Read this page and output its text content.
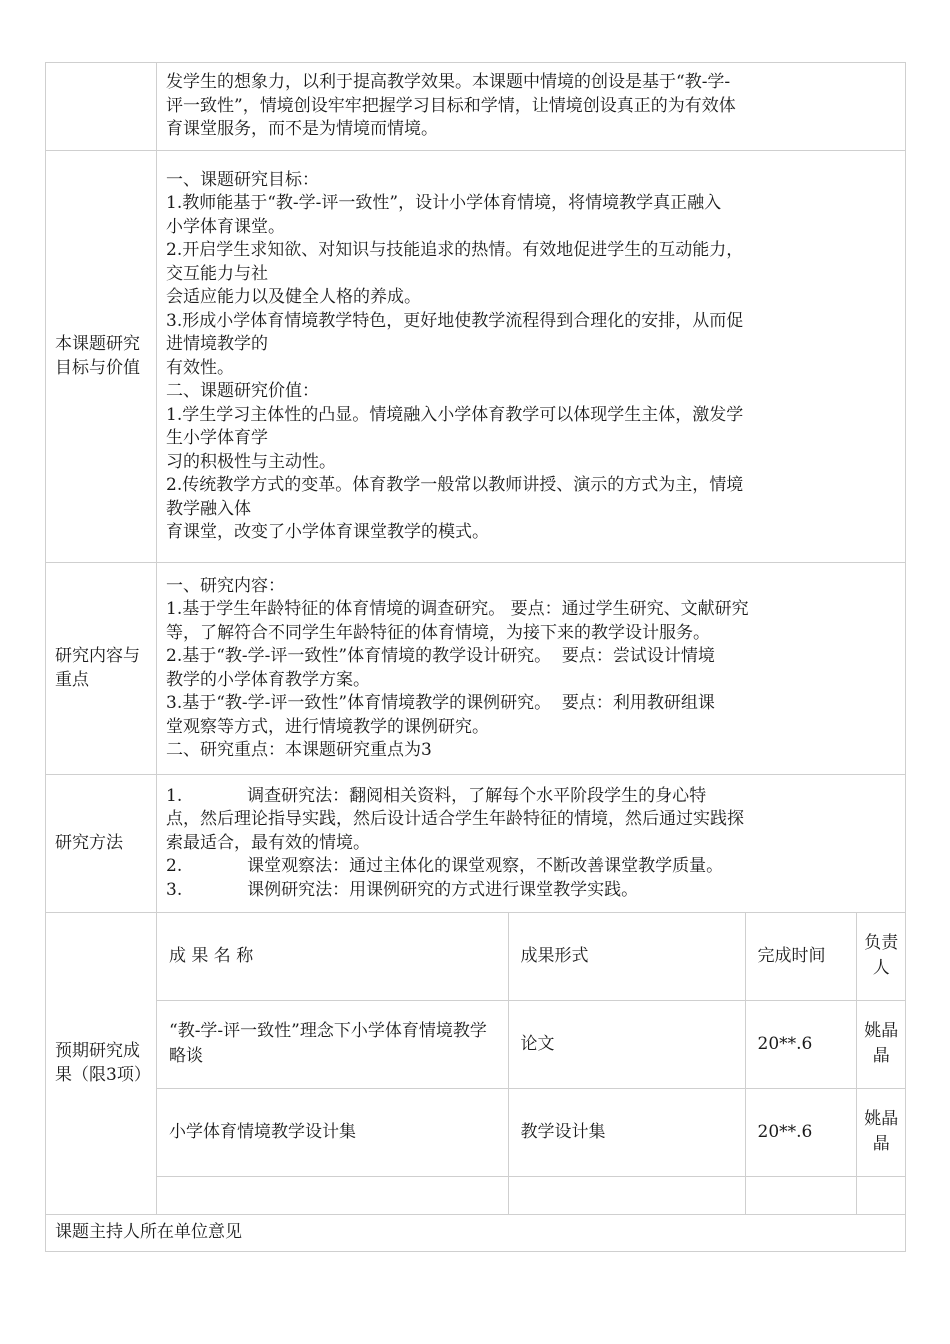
发学生的想象力，以利于提高教学效果。本课题中情境的创设是基于“教-学-
评一致性”，情境创设牢牢把握学习目标和学情，让情境创设真正的为有效体
育课堂服务，而不是为情境而情境。

本课题研究目标与价值	
一、课题研究目标：
1.教师能基于“教-学-评一致性”，设计小学体育情境，将情境教学真正融入
小学体育课堂。
2.开启学生求知欲、对知识与技能追求的热情。有效地促进学生的互动能力，
交互能力与社
会适应能力以及健全人格的养成。
3.形成小学体育情境教学特色，更好地使教学流程得到合理化的安排，从而促
进情境教学的
有效性。
二、课题研究价值：
1.学生学习主体性的凸显。情境融入小学体育教学可以体现学生主体，激发学
生小学体育学
习的积极性与主动性。
2.传统教学方式的变革。体育教学一般常以教师讲授、演示的方式为主，情境
教学融入体
育课堂，改变了小学体育课堂教学的模式。

研究内容与重点	
一、研究内容：
1.基于学生年龄特征的体育情境的调查研究。 要点：通过学生研究、文献研究
等，了解符合不同学生年龄特征的体育情境，为接下来的教学设计服务。
2.基于“教-学-评一致性”体育情境的教学设计研究。  要点：尝试设计情境
教学的小学体育教学方案。
3.基于“教-学-评一致性”体育情境教学的课例研究。  要点：利用教研组课
堂观察等方式，进行情境教学的课例研究。
二、研究重点：本课题研究重点为3

研究方法	
1.            调查研究法：翻阅相关资料，了解每个水平阶段学生的身心特
点，然后理论指导实践，然后设计适合学生年龄特征的情境，然后通过实践探
索最适合，最有效的情境。
2.            课堂观察法：通过主体化的课堂观察，不断改善课堂教学质量。
3.            课例研究法：用课例研究的方式进行课堂教学实践。

预期研究成果（限3项）	
成 果 名 称	成果形式	完成时间	负责人
“教-学-评一致性”理念下小学体育情境教学略谈	论文	20**.6	姚晶晶
小学体育情境教学设计集	教学设计集	20**.6	姚晶晶

课题主持人所在单位意见
